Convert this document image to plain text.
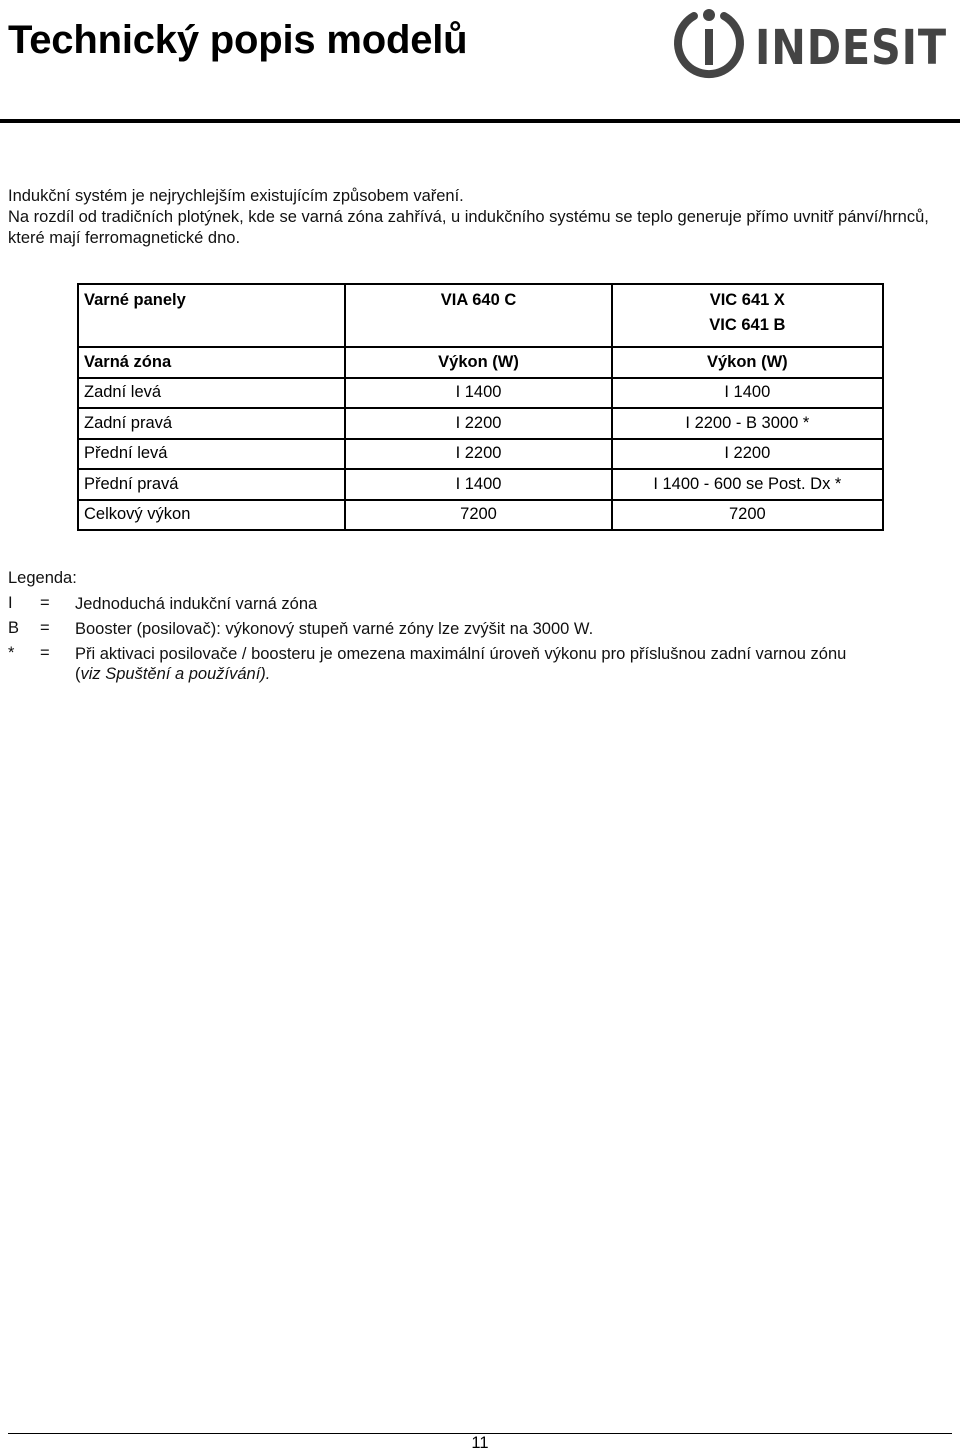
Technický popis modelů	INDESIT

Indukční systém je nejrychlejším existujícím způsobem vaření.

Na rozdíl od tradičních plotýnek, kde se varná zóna zahřívá, u indukčního systému se teplo generuje přímo uvnitř pánví/hrnců, které mají ferromagnetické dno.

Varné panely	VIA 640 C	VIC 641 X
VIC 641 B

Varná zóna	Výkon (W)	Výkon (W)
Zadní levá	I 1400	I 1400
Zadní pravá	I 2200	I 2200 - B 3000 *
Přední levá	I 2200	I 2200
Přední pravá	I 1400	I 1400 - 600 se Post. Dx *
Celkový výkon	7200	7200
Legenda:
I	=	Jednoduchá indukční varná zóna
B	=	Booster (posilovač): výkonový stupeň varné zóny lze zvýšit na 3000 W.
*	=	Při aktivaci posilovače / boosteru je omezena maximální úroveň výkonu pro příslušnou zadní varnou zónu
(viz Spuštění a používání).
11
